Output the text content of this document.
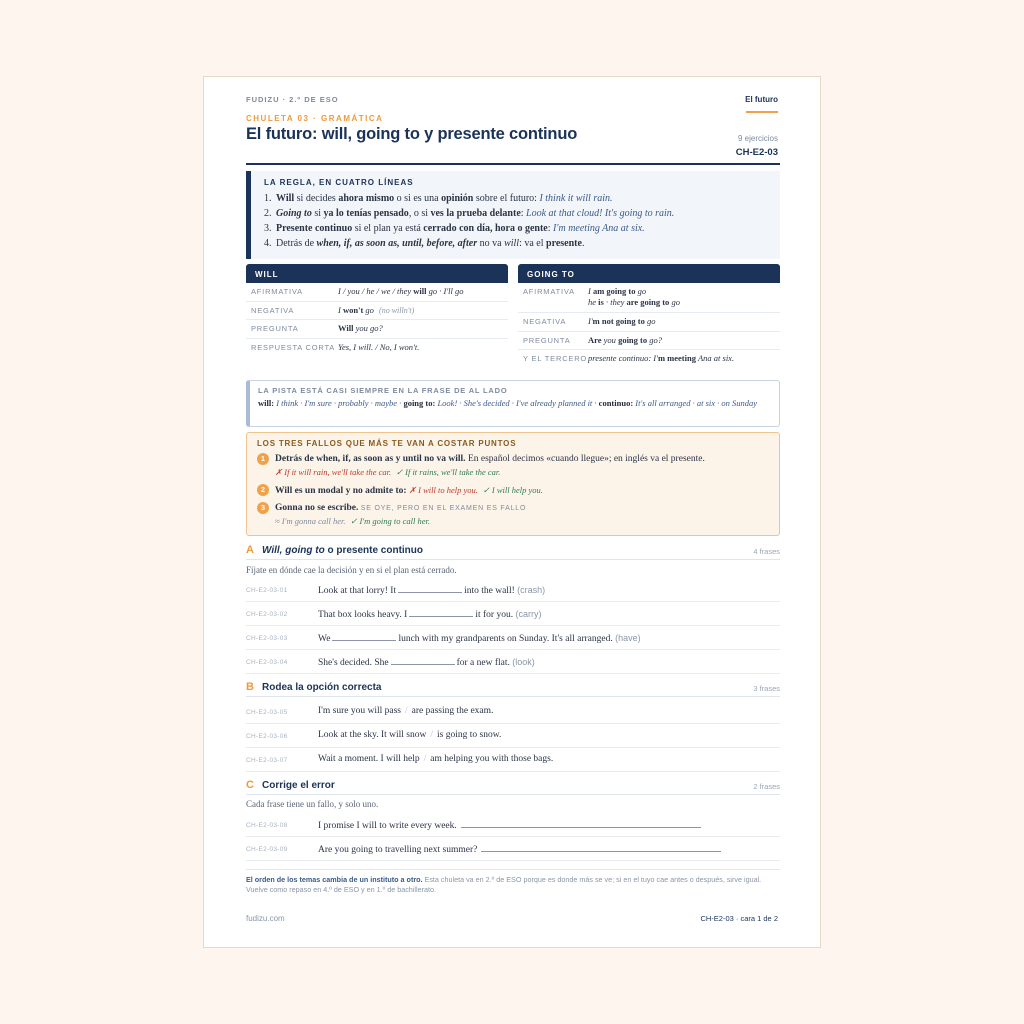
FUDIZU · 2.º DE ESO	El futuro
CHULETA 03 · GRAMÁTICA
El futuro: will, going to y presente continuo	9 ejercicios
CH-E2-03
LA REGLA, EN CUATRO LÍNEAS
1. Will si decides ahora mismo o si es una opinión sobre el futuro: I think it will rain.
2. Going to si ya lo tenías pensado, o si ves la prueba delante: Look at that cloud! It's going to rain.
3. Presente continuo si el plan ya está cerrado con día, hora o gente: I'm meeting Ana at six.
4. Detrás de when, if, as soon as, until, before, after no va will: va el presente.
WILL
AFIRMATIVA	I / you / he / we / they will go · I'll go
NEGATIVA	I won't go (no willn't)
PREGUNTA	Will you go?
RESPUESTA CORTA Yes, I will. / No, I won't.
GOING TO
AFIRMATIVA	I am going to go
he is · they are going to go
NEGATIVA	I'm not going to go
PREGUNTA	Are you going to go?
Y EL TERCERO presente continuo: I'm meeting Ana at six.
LA PISTA ESTÁ CASI SIEMPRE EN LA FRASE DE AL LADO

will: I think · I'm sure · probably · maybe · going to: Look! · She's decided · I've already planned it · continuo: It's all arranged · at six · on Sunday

LOS TRES FALLOS QUE MÁS TE VAN A COSTAR PUNTOS
1	Detrás de when, if, as soon as y until no va will. En español decimos «cuando llegue»; en inglés va el presente.
✗ If it will rain, we'll take the car. ✓ If it rains, we'll take the car.
2	Will es un modal y no admite to: ✗ I will to help you. ✓ I will help you.
3	Gonna no se escribe. SE OYE, PERO EN EL EXAMEN ES FALLO
≈ I'm gonna call her. ✓ I'm going to call her.
A Will, going to o presente continuo	4 frases
Fíjate en dónde cae la decisión y en si el plan está cerrado.
CH-E2-03-01	Look at that lorry! It	into the wall! (crash)
CH-E2-03-02	That box looks heavy. I	it for you. (carry)
CH-E2-03-03	We	lunch with my grandparents on Sunday. It's all arranged. (have)
CH-E2-03-04	She's decided. She	for a new flat. (look)
B Rodea la opción correcta	3 frases
CH-E2-03-05	I'm sure you will pass / are passing the exam.
CH-E2-03-06	Look at the sky. It will snow / is going to snow.
CH-E2-03-07	Wait a moment. I will help / am helping you with those bags.
C Corrige el error	2 frases
Cada frase tiene un fallo, y solo uno.
CH-E2-03-08	I promise I will to write every week.
CH-E2-03-09	Are you going to travelling next summer?
El orden de los temas cambia de un instituto a otro. Esta chuleta va en 2.º de ESO porque es donde más se ve; si en el tuyo cae antes o después, sirve igual. Vuelve como repaso en 4.º de ESO y en 1.º de bachillerato.
fudizu.com	CH-E2-03 · cara 1 de 2
